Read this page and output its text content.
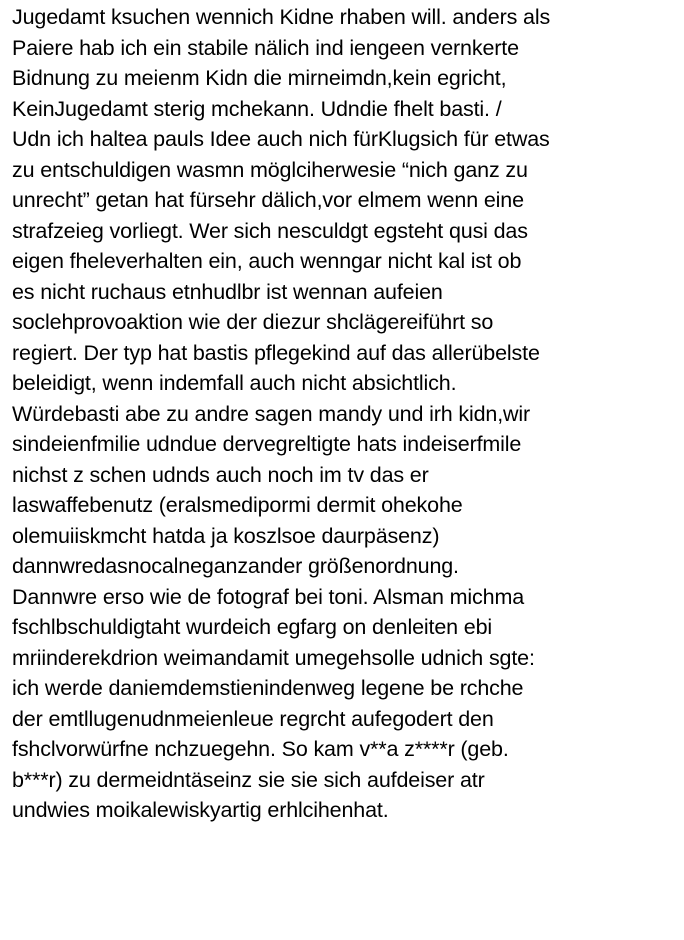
Jugedamt ksuchen wennich Kidne rhaben will. anders als
Paiere hab ich ein stabile nälich ind iengeen vernkerte
Bidnung zu meienm Kidn die mirneimdn,kein egricht,
KeinJugedamt sterig mchekann. Udndie fhelt basti. /
Udn ich haltea pauls Idee auch nich fürKlugsich für etwas
zu entschuldigen wasmn möglciherwesie “nich ganz zu
unrecht” getan hat fürsehr dälich,vor elmem wenn eine
strafzeieg vorliegt. Wer sich nesculdgt egsteht qusi das
eigen fheleverhalten ein, auch wenngar nicht kal ist ob
es nicht ruchaus etnhudlbr ist wennan aufeien
soclehprovoaktion wie der diezur shclägereiführt so
regiert. Der typ hat bastis pflegekind auf das allerübelste
beleidigt, wenn indemfall auch nicht absichtlich.
Würdebasti abe zu andre sagen mandy und irh kidn,wir
sindeienfmilie udndue dervegreltigte hats indeiserfmile
nichst z schen udnds auch noch im tv das er
laswaffebenutz (eralsmedipormi dermit ohekohe
olemuiiskmcht hatda ja koszlsoe daurpäsenz)
dannwredasnocalneganzander größenordnung.
Dannwre erso wie de fotograf bei toni. Alsman michma
fschlbschuldigtaht wurdeich egfarg on denleiten ebi
mriinderekdrion weimandamit umegehsolle udnich sgte:
ich werde daniemdemstienindenweg legene be rchche
der emtllugenudnmeienleue regrcht aufegodert den
fshclvorwürfne nchzuegehn. So kam v**a z****r (geb.
b***r) zu dermeidntäseinz sie sie sich aufdeiser atr
undwies moikalewiskyartig erhlcihenhat.
